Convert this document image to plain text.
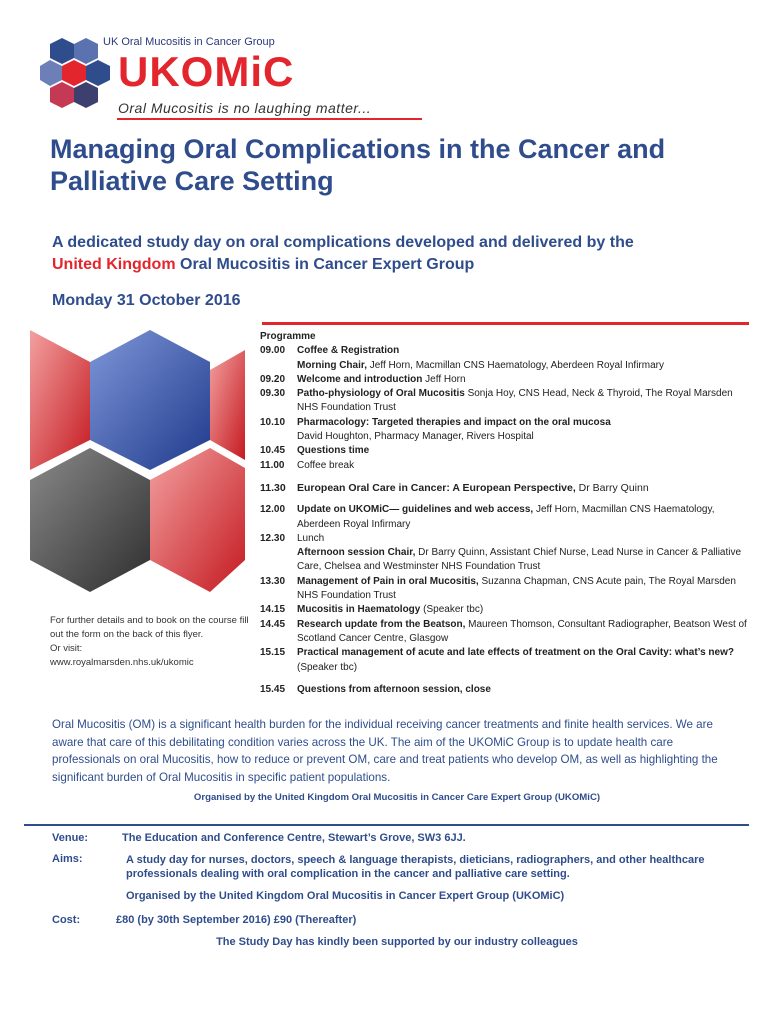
UK Oral Mucositis in Cancer Group
UKOMiC
Oral Mucositis is no laughing matter...
Managing Oral Complications in the Cancer and Palliative Care Setting

A dedicated study day on oral complications developed and delivered by the
United Kingdom Oral Mucositis in Cancer Expert Group

Monday 31 October 2016

For further details and to book on the course fill out the form on the back of this flyer.
Or visit:
www.royalmarsden.nhs.uk/ukomic
Programme
09.00	Coffee & Registration
Morning Chair, Jeff Horn, Macmillan CNS Haematology, Aberdeen Royal Infirmary
09.20	Welcome and introduction Jeff Horn
09.30	Patho-physiology of Oral Mucositis Sonja Hoy, CNS Head, Neck & Thyroid, The Royal Marsden NHS Foundation Trust
10.10	Pharmacology: Targeted therapies and impact on the oral mucosa
David Houghton, Pharmacy Manager, Rivers Hospital
10.45	Questions time
11.00	Coffee break
11.30	European Oral Care in Cancer: A European Perspective, Dr Barry Quinn
12.00	Update on UKOMiC— guidelines and web access, Jeff Horn, Macmillan CNS Haematology, Aberdeen Royal Infirmary
12.30	Lunch
Afternoon session Chair, Dr Barry Quinn, Assistant Chief Nurse, Lead Nurse in Cancer & Palliative Care, Chelsea and Westminster NHS Foundation Trust
13.30	Management of Pain in oral Mucositis, Suzanna Chapman, CNS Acute pain, The Royal Marsden NHS Foundation Trust
14.15	Mucositis in Haematology (Speaker tbc)
14.45	Research update from the Beatson, Maureen Thomson, Consultant Radiographer, Beatson West of Scotland Cancer Centre, Glasgow
15.15	Practical management of acute and late effects of treatment on the Oral Cavity: what’s new? (Speaker tbc)
15.45	Questions from afternoon session, close

Oral Mucositis (OM) is a significant health burden for the individual receiving cancer treatments and finite health services. We are aware that care of this debilitating condition varies across the UK. The aim of the UKOMiC Group is to update health care professionals on oral Mucositis, how to reduce or prevent OM, care and treat patients who develop OM, as well as highlighting the significant burden of Oral Mucositis in specific patient populations.

Organised by the United Kingdom Oral Mucositis in Cancer Care Expert Group (UKOMiC)
Venue:	The Education and Conference Centre, Stewart’s Grove, SW3 6JJ.
Aims:	A study day for nurses, doctors, speech & language therapists, dieticians, radiographers, and other healthcare professionals dealing with oral complication in the cancer and palliative care setting.
Organised by the United Kingdom Oral Mucositis in Cancer Expert Group (UKOMiC)
Cost:	£80 (by 30th September 2016) £90 (Thereafter)
The Study Day has kindly been supported by our industry colleagues
